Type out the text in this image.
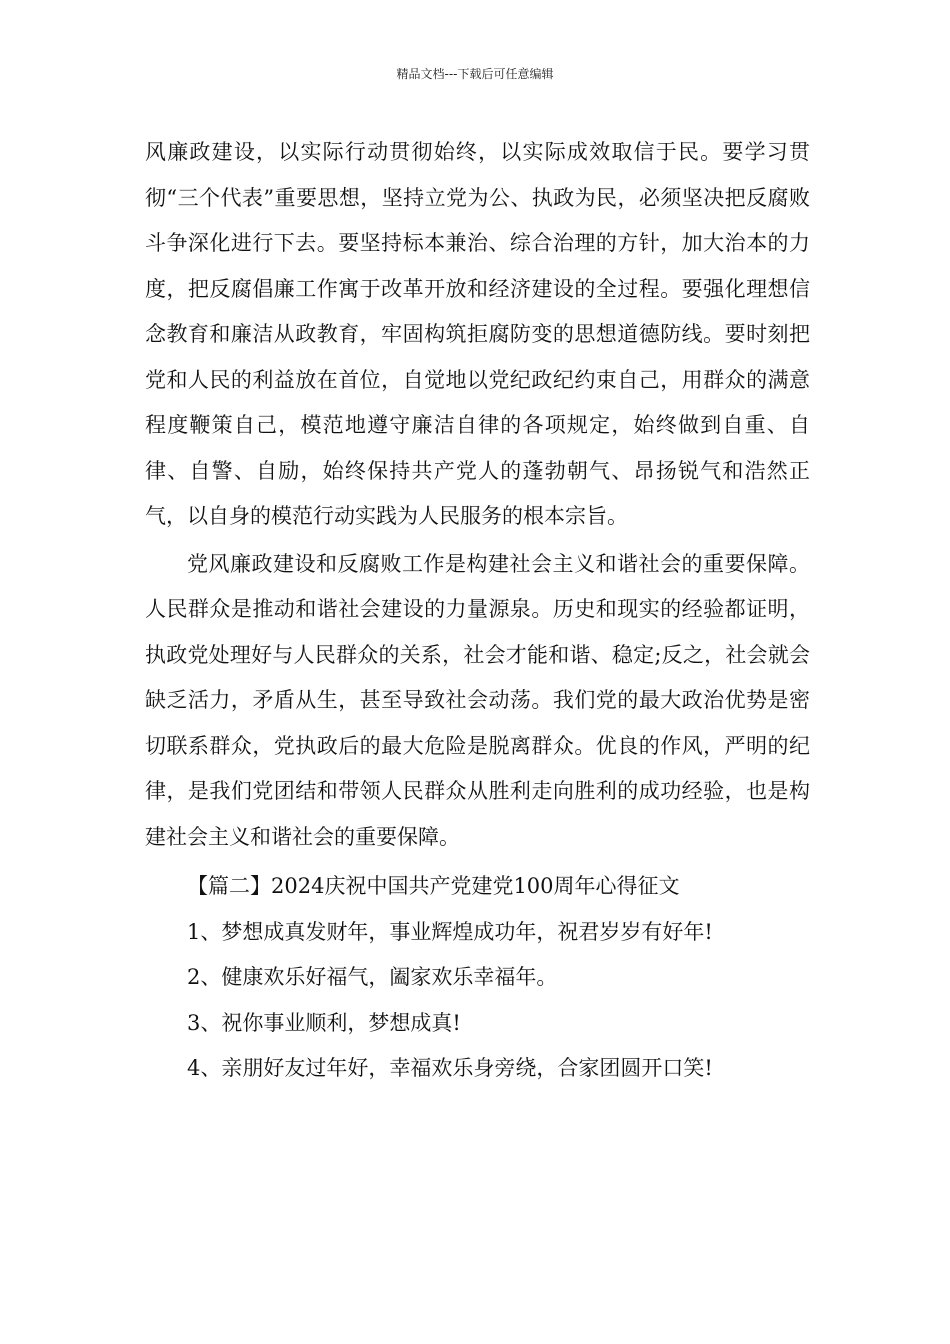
精品文档---下载后可任意编辑

风廉政建设，以实际行动贯彻始终，以实际成效取信于民。要学习贯彻“三个代表”重要思想，坚持立党为公、执政为民，必须坚决把反腐败斗争深化进行下去。要坚持标本兼治、综合治理的方针，加大治本的力度，把反腐倡廉工作寓于改革开放和经济建设的全过程。要强化理想信念教育和廉洁从政教育，牢固构筑拒腐防变的思想道德防线。要时刻把党和人民的利益放在首位，自觉地以党纪政纪约束自己，用群众的满意程度鞭策自己，模范地遵守廉洁自律的各项规定，始终做到自重、自律、自警、自励，始终保持共产党人的蓬勃朝气、昂扬锐气和浩然正气，以自身的模范行动实践为人民服务的根本宗旨。

党风廉政建设和反腐败工作是构建社会主义和谐社会的重要保障。人民群众是推动和谐社会建设的力量源泉。历史和现实的经验都证明，执政党处理好与人民群众的关系，社会才能和谐、稳定;反之，社会就会缺乏活力，矛盾从生，甚至导致社会动荡。我们党的最大政治优势是密切联系群众，党执政后的最大危险是脱离群众。优良的作风，严明的纪律，是我们党团结和带领人民群众从胜利走向胜利的成功经验，也是构建社会主义和谐社会的重要保障。

【篇二】2024庆祝中国共产党建党100周年心得征文

1、梦想成真发财年，事业辉煌成功年，祝君岁岁有好年!

2、健康欢乐好福气，阖家欢乐幸福年。

3、祝你事业顺利，梦想成真!

4、亲朋好友过年好，幸福欢乐身旁绕，合家团圆开口笑!
